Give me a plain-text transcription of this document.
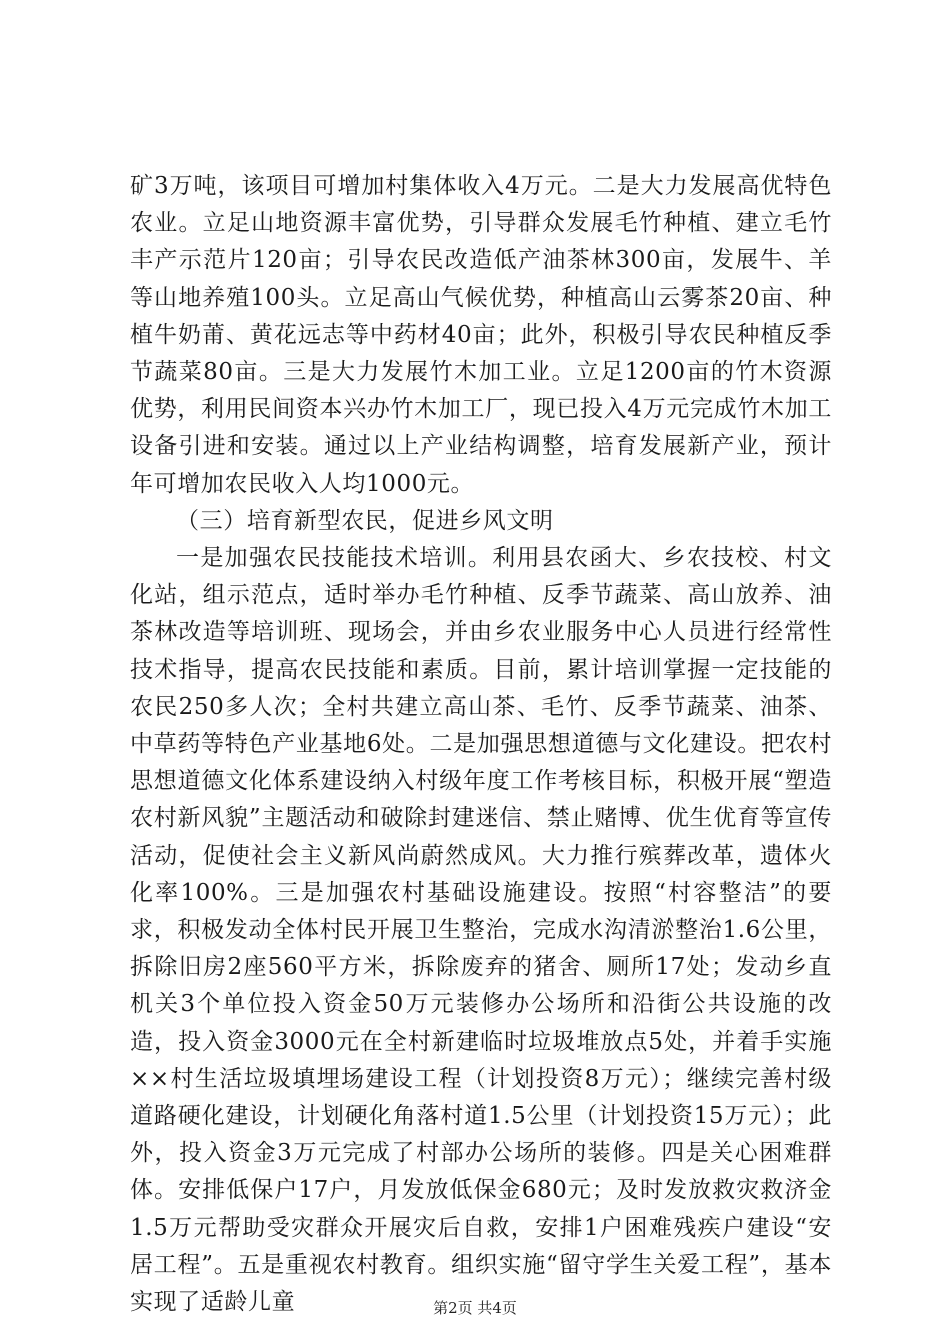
矿3万吨，该项目可增加村集体收入4万元。二是大力发展高优特色农业。立足山地资源丰富优势，引导群众发展毛竹种植、建立毛竹丰产示范片120亩；引导农民改造低产油茶林300亩，发展牛、羊等山地养殖100头。立足高山气候优势，种植高山云雾茶20亩、种植牛奶莆、黄花远志等中药材40亩；此外，积极引导农民种植反季节蔬菜80亩。三是大力发展竹木加工业。立足1200亩的竹木资源优势，利用民间资本兴办竹木加工厂，现已投入4万元完成竹木加工设备引进和安装。通过以上产业结构调整，培育发展新产业，预计年可增加农民收入人均1000元。

（三）培育新型农民，促进乡风文明

一是加强农民技能技术培训。利用县农函大、乡农技校、村文化站，组示范点，适时举办毛竹种植、反季节蔬菜、高山放养、油茶林改造等培训班、现场会，并由乡农业服务中心人员进行经常性技术指导，提高农民技能和素质。目前，累计培训掌握一定技能的农民250多人次；全村共建立高山茶、毛竹、反季节蔬菜、油茶、中草药等特色产业基地6处。二是加强思想道德与文化建设。把农村思想道德文化体系建设纳入村级年度工作考核目标，积极开展“塑造农村新风貌”主题活动和破除封建迷信、禁止赌博、优生优育等宣传活动，促使社会主义新风尚蔚然成风。大力推行殡葬改革，遗体火化率100%。三是加强农村基础设施建设。按照“村容整洁”的要求，积极发动全体村民开展卫生整治，完成水沟清淤整治1.6公里，拆除旧房2座560平方米，拆除废弃的猪舍、厕所17处；发动乡直机关3个单位投入资金50万元装修办公场所和沿街公共设施的改造，投入资金3000元在全村新建临时垃圾堆放点5处，并着手实施××村生活垃圾填埋场建设工程（计划投资8万元）；继续完善村级道路硬化建设，计划硬化角落村道1.5公里（计划投资15万元）；此外，投入资金3万元完成了村部办公场所的装修。四是关心困难群体。安排低保户17户，月发放低保金680元；及时发放救灾救济金1.5万元帮助受灾群众开展灾后自救，安排1户困难残疾户建设“安居工程”。五是重视农村教育。组织实施“留守学生关爱工程”，基本实现了适龄儿童	第2页 共4页
